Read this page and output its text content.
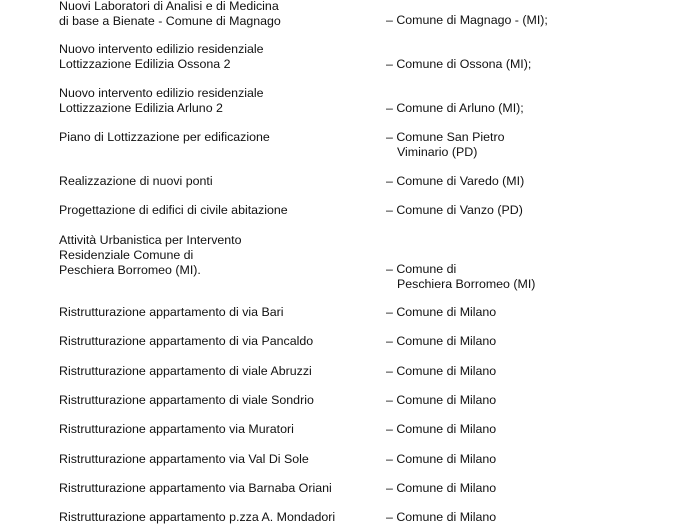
Nuovi Laboratori di Analisi e di Medicina
di base a Bienate - Comune di Magnago	– Comune di Magnago - (MI);
Nuovo intervento edilizio residenziale
Lottizzazione Edilizia Ossona 2	– Comune di Ossona (MI);
Nuovo intervento edilizio residenziale
Lottizzazione Edilizia Arluno 2	– Comune di Arluno (MI);
Piano di Lottizzazione per edificazione	– Comune San Pietro
Viminario (PD)
Realizzazione di nuovi ponti	– Comune di Varedo (MI)
Progettazione di edifici di civile abitazione	– Comune di Vanzo (PD)
Attività Urbanistica per Intervento
Residenziale Comune di
Peschiera Borromeo (MI).	– Comune di
Peschiera Borromeo (MI)
Ristrutturazione appartamento di via Bari	– Comune di Milano
Ristrutturazione appartamento di via Pancaldo	– Comune di Milano
Ristrutturazione appartamento di viale Abruzzi	– Comune di Milano
Ristrutturazione appartamento di viale Sondrio	– Comune di Milano
Ristrutturazione appartamento via Muratori	– Comune di Milano
Ristrutturazione appartamento via Val Di Sole	– Comune di Milano
Ristrutturazione appartamento via Barnaba Oriani	– Comune di Milano
Ristrutturazione appartamento p.zza A. Mondadori	– Comune di Milano
